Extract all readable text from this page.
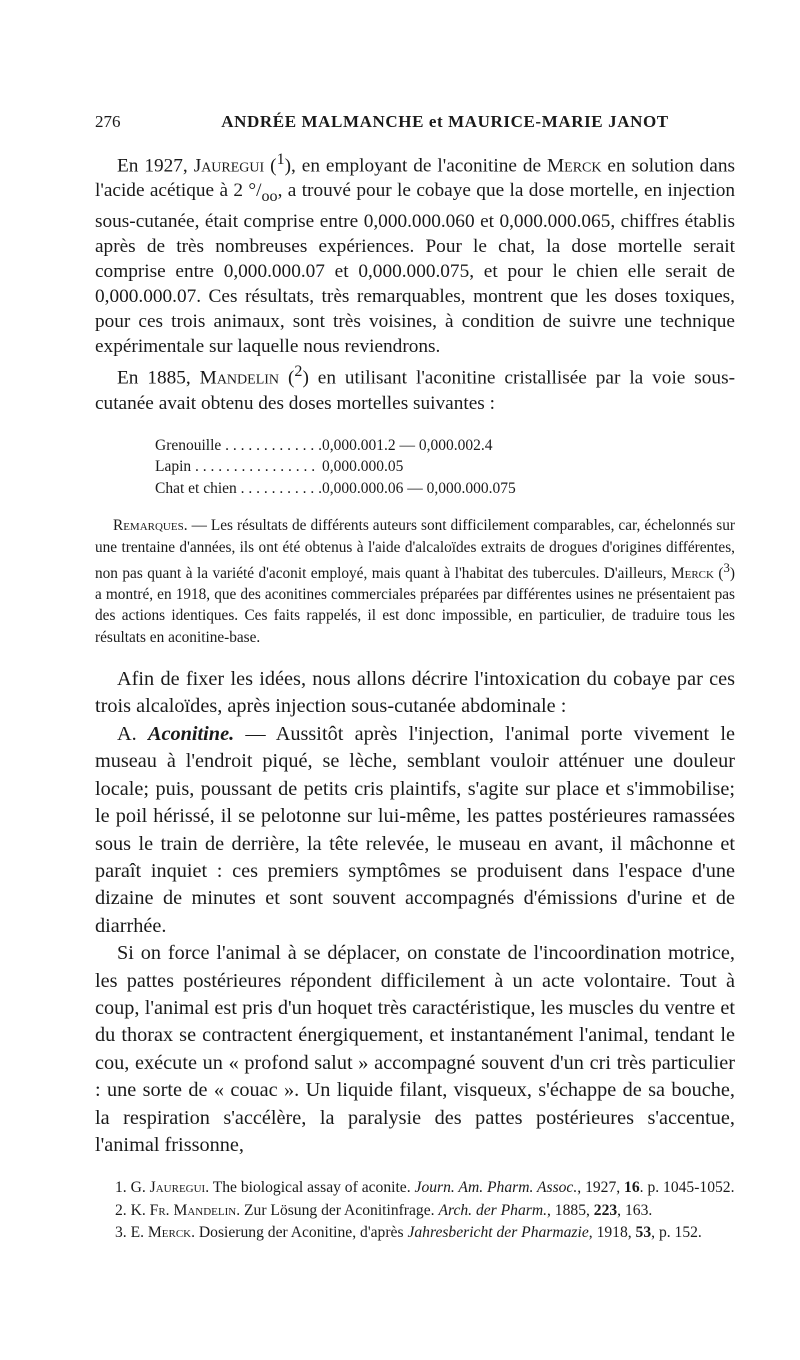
276	ANDRÉE MALMANCHE et MAURICE-MARIE JANOT

En 1927, Jauregui ($^1$), en employant de l'aconitine de Merck en solution dans l'acide acétique à 2 $^\circ/_{oo}$, a trouvé pour le cobaye que la dose mortelle, en injection sous-cutanée, était comprise entre 0,000.000.060 et 0,000.000.065, chiffres établis après de très nombreuses expériences. Pour le chat, la dose mortelle serait comprise entre 0,000.000.07 et 0,000.000.075, et pour le chien elle serait de 0,000.000.07. Ces résultats, très remarquables, montrent que les doses toxiques, pour ces trois animaux, sont très voisines, à condition de suivre une technique expérimentale sur laquelle nous reviendrons.

En 1885, Mandelin ($^2$) en utilisant l'aconitine cristallisée par la voie sous-cutanée avait obtenu des doses mortelles suivantes :

Grenouille . . . . . . . . . . . . .	0,000.001.2 — 0,000.002.4
Lapin . . . . . . . . . . . . . . . .	0,000.000.05
Chat et chien . . . . . . . . . . .	0,000.000.06 — 0,000.000.075

Remarques. — Les résultats de différents auteurs sont difficilement comparables, car, échelonnés sur une trentaine d'années, ils ont été obtenus à l'aide d'alcaloïdes extraits de drogues d'origines différentes, non pas quant à la variété d'aconit employé, mais quant à l'habitat des tubercules. D'ailleurs, Merck ($^3$) a montré, en 1918, que des aconitines commerciales préparées par différentes usines ne présentaient pas des actions identiques. Ces faits rappelés, il est donc impossible, en particulier, de traduire tous les résultats en aconitine-base.

Afin de fixer les idées, nous allons décrire l'intoxication du cobaye par ces trois alcaloïdes, après injection sous-cutanée abdominale :

A. Aconitine. — Aussitôt après l'injection, l'animal porte vivement le museau à l'endroit piqué, se lèche, semblant vouloir atténuer une douleur locale; puis, poussant de petits cris plaintifs, s'agite sur place et s'immobilise; le poil hérissé, il se pelotonne sur lui-même, les pattes postérieures ramassées sous le train de derrière, la tête relevée, le museau en avant, il mâchonne et paraît inquiet : ces premiers symptômes se produisent dans l'espace d'une dizaine de minutes et sont souvent accompagnés d'émissions d'urine et de diarrhée.

Si on force l'animal à se déplacer, on constate de l'incoordination motrice, les pattes postérieures répondent difficilement à un acte volontaire. Tout à coup, l'animal est pris d'un hoquet très caractéristique, les muscles du ventre et du thorax se contractent énergiquement, et instantanément l'animal, tendant le cou, exécute un « profond salut » accompagné souvent d'un cri très particulier : une sorte de « couac ». Un liquide filant, visqueux, s'échappe de sa bouche, la respiration s'accélère, la paralysie des pattes postérieures s'accentue, l'animal frissonne,

1. G. Jauregui. The biological assay of aconite. Journ. Am. Pharm. Assoc., 1927, 16. p. 1045-1052.

2. K. Fr. Mandelin. Zur Lösung der Aconitinfrage. Arch. der Pharm., 1885, 223, 163.

3. E. Merck. Dosierung der Aconitine, d'après Jahresbericht der Pharmazie, 1918, 53, p. 152.
